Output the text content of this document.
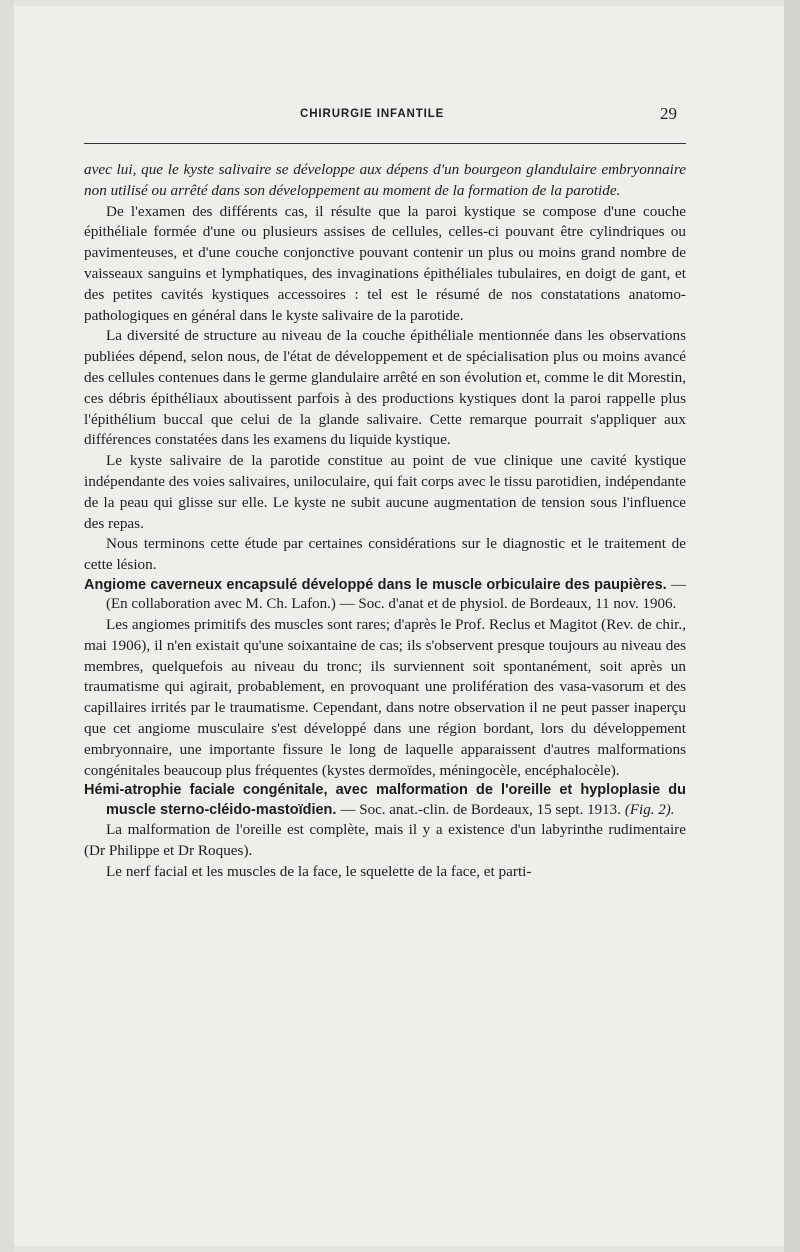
CHIRURGIE INFANTILE	29

avec lui, que le kyste salivaire se développe aux dépens d'un bourgeon glandulaire embryonnaire non utilisé ou arrêté dans son développement au moment de la formation de la parotide.

De l'examen des différents cas, il résulte que la paroi kystique se compose d'une couche épithéliale formée d'une ou plusieurs assises de cellules, celles-ci pouvant être cylindriques ou pavimenteuses, et d'une couche conjonctive pouvant contenir un plus ou moins grand nombre de vaisseaux sanguins et lymphatiques, des invaginations épithéliales tubulaires, en doigt de gant, et des petites cavités kystiques accessoires : tel est le résumé de nos constatations anatomo-pathologiques en général dans le kyste salivaire de la parotide.

La diversité de structure au niveau de la couche épithéliale mentionnée dans les observations publiées dépend, selon nous, de l'état de développement et de spécialisation plus ou moins avancé des cellules contenues dans le germe glandulaire arrêté en son évolution et, comme le dit Morestin, ces débris épithéliaux aboutissent parfois à des productions kystiques dont la paroi rappelle plus l'épithélium buccal que celui de la glande salivaire. Cette remarque pourrait s'appliquer aux différences constatées dans les examens du liquide kystique.

Le kyste salivaire de la parotide constitue au point de vue clinique une cavité kystique indépendante des voies salivaires, uniloculaire, qui fait corps avec le tissu parotidien, indépendante de la peau qui glisse sur elle. Le kyste ne subit aucune augmentation de tension sous l'influence des repas.

Nous terminons cette étude par certaines considérations sur le diagnostic et le traitement de cette lésion.

Angiome caverneux encapsulé développé dans le muscle orbiculaire des paupières. — (En collaboration avec M. Ch. Lafon.) — Soc. d'anat et de physiol. de Bordeaux, 11 nov. 1906.

Les angiomes primitifs des muscles sont rares; d'après le Prof. Reclus et Magitot (Rev. de chir., mai 1906), il n'en existait qu'une soixantaine de cas; ils s'observent presque toujours au niveau des membres, quelquefois au niveau du tronc; ils surviennent soit spontanément, soit après un traumatisme qui agirait, probablement, en provoquant une prolifération des vasa-vasorum et des capillaires irrités par le traumatisme. Cependant, dans notre observation il ne peut passer inaperçu que cet angiome musculaire s'est développé dans une région bordant, lors du développement embryonnaire, une importante fissure le long de laquelle apparaissent d'autres malformations congénitales beaucoup plus fréquentes (kystes dermoïdes, méningocèle, encéphalocèle).

Hémi-atrophie faciale congénitale, avec malformation de l'oreille et hyploplasie du muscle sterno-cléido-mastoïdien. — Soc. anat.-clin. de Bordeaux, 15 sept. 1913. (Fig. 2).

La malformation de l'oreille est complète, mais il y a existence d'un labyrinthe rudimentaire (Dr Philippe et Dr Roques).

Le nerf facial et les muscles de la face, le squelette de la face, et parti-
